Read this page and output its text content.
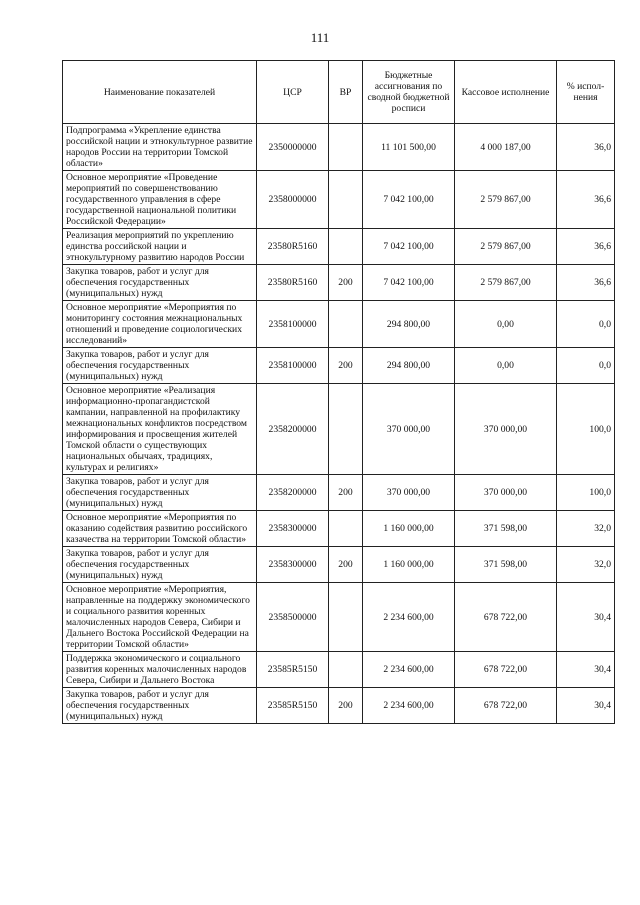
111
Наименование показателей	ЦСР	ВР	Бюджетные ассигнования по сводной бюджетной росписи	Кассовое исполнение	% испол-нения
Подпрограмма «Укрепление единства российской нации и этнокультурное развитие народов России на территории Томской области»	2350000000		11 101 500,00	4 000 187,00	36,0
Основное мероприятие «Проведение мероприятий по совершенствованию государственного управления в сфере государственной национальной политики Российской Федерации»	2358000000		7 042 100,00	2 579 867,00	36,6
Реализация мероприятий по укреплению единства российской нации и этнокультурному развитию народов России	23580R5160		7 042 100,00	2 579 867,00	36,6
Закупка товаров, работ и услуг для обеспечения государственных (муниципальных) нужд	23580R5160	200	7 042 100,00	2 579 867,00	36,6
Основное мероприятие «Мероприятия по мониторингу состояния межнациональных отношений и проведение социологических исследований»	2358100000		294 800,00	0,00	0,0
Закупка товаров, работ и услуг для обеспечения государственных (муниципальных) нужд	2358100000	200	294 800,00	0,00	0,0
Основное мероприятие «Реализация информационно-пропагандистской кампании, направленной на профилактику межнациональных конфликтов посредством информирования и просвещения жителей Томской области о существующих национальных обычаях, традициях, культурах и религиях»	2358200000		370 000,00	370 000,00	100,0
Закупка товаров, работ и услуг для обеспечения государственных (муниципальных) нужд	2358200000	200	370 000,00	370 000,00	100,0
Основное мероприятие «Мероприятия по оказанию содействия развитию российского казачества на территории Томской области»	2358300000		1 160 000,00	371 598,00	32,0
Закупка товаров, работ и услуг для обеспечения государственных (муниципальных) нужд	2358300000	200	1 160 000,00	371 598,00	32,0
Основное мероприятие «Мероприятия, направленные на поддержку экономического и социального развития коренных малочисленных народов Севера, Сибири и Дальнего Востока Российской Федерации на территории Томской области»	2358500000		2 234 600,00	678 722,00	30,4
Поддержка экономического и социального развития коренных малочисленных народов Севера, Сибири и Дальнего Востока	23585R5150		2 234 600,00	678 722,00	30,4
Закупка товаров, работ и услуг для обеспечения государственных (муниципальных) нужд	23585R5150	200	2 234 600,00	678 722,00	30,4
